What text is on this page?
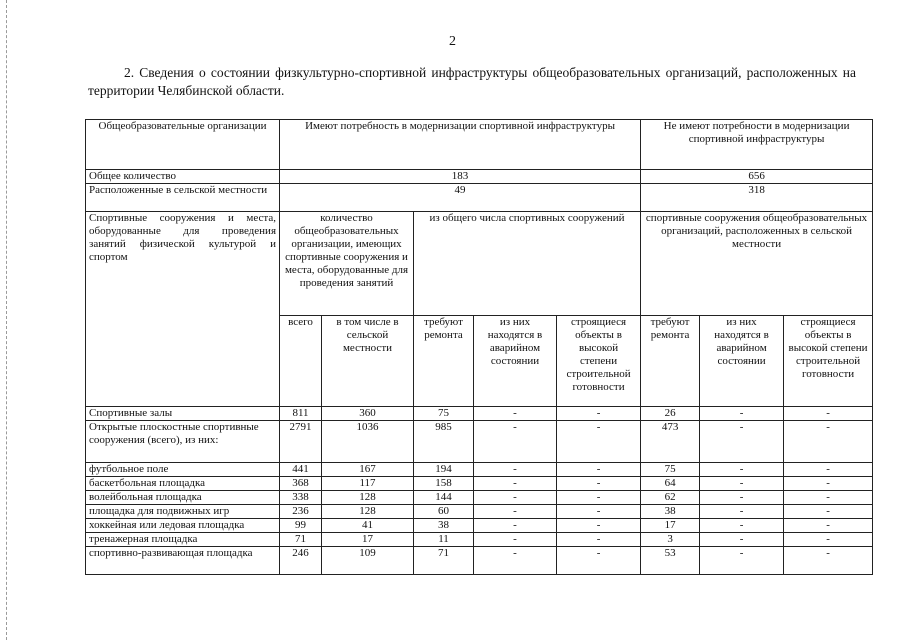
2
2. Сведения о состоянии физкультурно-спортивной инфраструктуры общеобразовательных организаций, расположенных на территории Челябинской области.
Общеобразовательные организации	Имеют потребность в модернизации спортивной инфраструктуры					Не имеют потребности в модернизации спортивной инфраструктуры		
Общее количество	183					656		
Расположенные в сельской местности	49					318		
Спортивные сооружения и места, оборудованные для проведения занятий физической культурой и спортом	количество общеобразовательных организации, имеющих спортивные сооружения и места, оборудованные для проведения занятий		из общего числа спортивных сооружений			спортивные сооружения общеобразовательных организаций, расположенных в сельской местности		
	всего	в том числе в сельской местности	требуют ремонта	из них находятся в аварийном состоянии	строящиеся объекты в высокой степени строительной готовности	требуют ремонта	из них находятся в аварийном состоянии	строящиеся объекты в высокой степени строительной готовности
Спортивные залы	811	360	75	-	-	26	-	-
Открытые плоскостные спортивные сооружения (всего), из них:	2791	1036	985	-	-	473	-	-
футбольное поле	441	167	194	-	-	75	-	-
баскетбольная площадка	368	117	158	-	-	64	-	-
волейбольная площадка	338	128	144	-	-	62	-	-
площадка для подвижных игр	236	128	60	-	-	38	-	-
хоккейная или ледовая площадка	99	41	38	-	-	17	-	-
тренажерная площадка	71	17	11	-	-	3	-	-
спортивно-развивающая площадка	246	109	71	-	-	53	-	-
